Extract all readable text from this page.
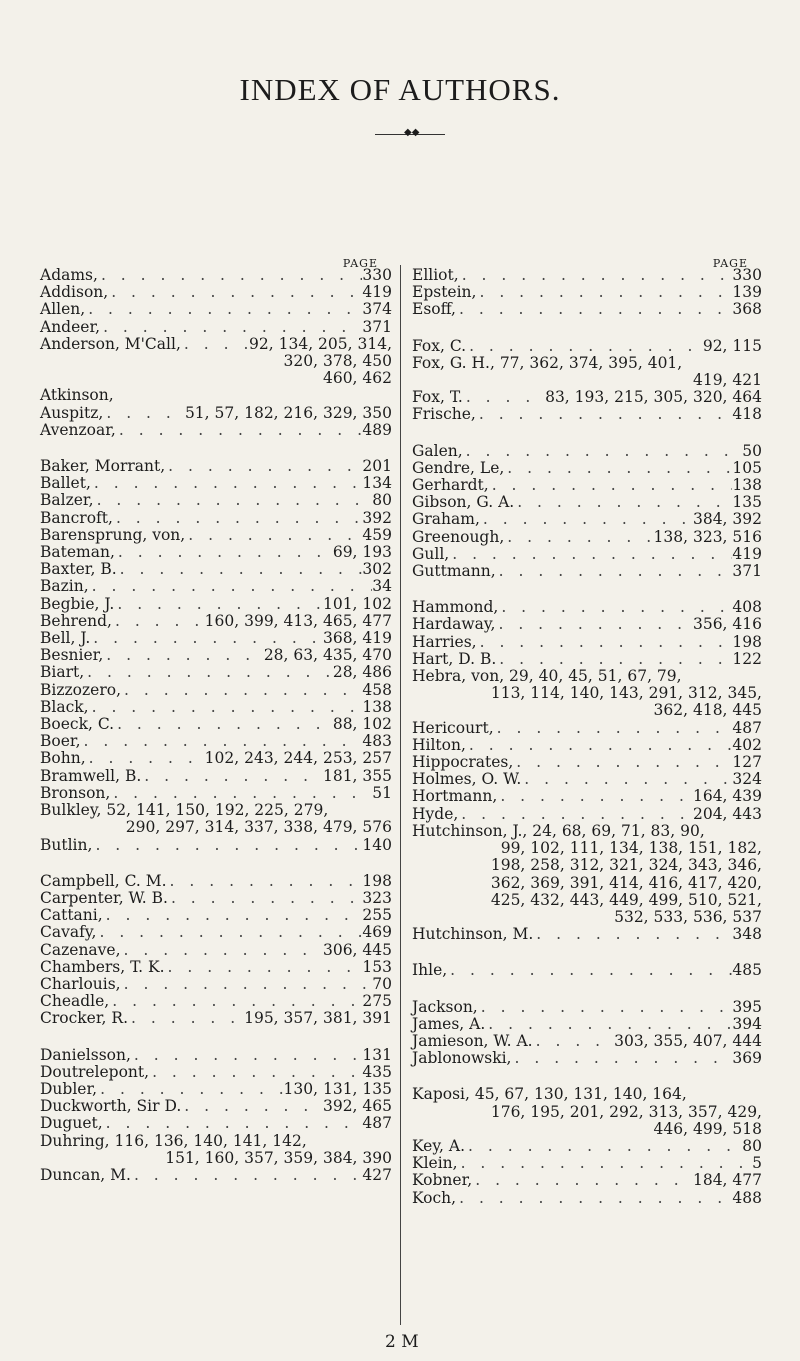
INDEX OF AUTHORS.
◆◆
PAGE
Adams, . . .	330
Addison, . . .	419
Allen, . . .	374
Andeer, . . .	371
Anderson, M'Call, . . .	92, 134, 205, 314,
320, 378, 450
460, 462
Atkinson,
Auspitz, . . .	51, 57, 182, 216, 329, 350
Avenzoar, . . .	489
Baker, Morrant, . . .	201
Ballet, . . .	134
Balzer, . . .	80
Bancroft, . . .	392
Barensprung, von, . . .	459
Bateman, . . .	69, 193
Baxter, B. . . .	302
Bazin, . . .	34
Begbie, J. . . .	101, 102
Behrend, . . .	160, 399, 413, 465, 477
Bell, J. . . .	368, 419
Besnier, . . .	28, 63, 435, 470
Biart, . . .	28, 486
Bizzozero, . . .	458
Black, . . .	138
Boeck, C. . . .	88, 102
Boer, . . .	483
Bohn, . . .	102, 243, 244, 253, 257
Bramwell, B. . . .	181, 355
Bronson, . . .	51
Bulkley, 52, 141, 150, 192, 225, 279,
290, 297, 314, 337, 338, 479, 576
Butlin, . . .	140
Campbell, C. M. . . .	198
Carpenter, W. B. . . .	323
Cattani, . . .	255
Cavafy, . . .	469
Cazenave, . . .	306, 445
Chambers, T. K. . . .	153
Charlouis, . . .	70
Cheadle, . . .	275
Crocker, R. . . .	195, 357, 381, 391
Danielsson, . . .	131
Doutrelepont, . . .	435
Dubler, . . .	130, 131, 135
Duckworth, Sir D. . . .	392, 465
Duguet, . . .	487
Duhring, 116, 136, 140, 141, 142,
151, 160, 357, 359, 384, 390
Duncan, M. . . .	427
PAGE
Elliot, . . .	330
Epstein, . . .	139
Esoff, . . .	368
Fox, C. . . .	92, 115
Fox, G. H., 77, 362, 374, 395, 401,
419, 421
Fox, T. . . .	83, 193, 215, 305, 320, 464
Frische, . . .	418
Galen, . . .	50
Gendre, Le, . . .	105
Gerhardt, . . .	138
Gibson, G. A. . . .	135
Graham, . . .	384, 392
Greenough, . . .	138, 323, 516
Gull, . . .	419
Guttmann, . . .	371
Hammond, . . .	408
Hardaway, . . .	356, 416
Harries, . . .	198
Hart, D. B. . . .	122
Hebra, von, 29, 40, 45, 51, 67, 79,
113, 114, 140, 143, 291, 312, 345,
362, 418, 445
Hericourt, . . .	487
Hilton, . . .	402
Hippocrates, . . .	127
Holmes, O. W. . . .	324
Hortmann, . . .	164, 439
Hyde, . . .	204, 443
Hutchinson, J., 24, 68, 69, 71, 83, 90,
99, 102, 111, 134, 138, 151, 182,
198, 258, 312, 321, 324, 343, 346,
362, 369, 391, 414, 416, 417, 420,
425, 432, 443, 449, 499, 510, 521,
532, 533, 536, 537
Hutchinson, M. . . .	348
Ihle, . . .	485
Jackson, . . .	395
James, A. . . .	394
Jamieson, W. A. . . .	303, 355, 407, 444
Jablonowski, . . .	369
Kaposi, 45, 67, 130, 131, 140, 164,
176, 195, 201, 292, 313, 357, 429,
446, 499, 518
Key, A. . . .	80
Klein, . . .	5
Kobner, . . .	184, 477
Koch, . . .	488
2 M
